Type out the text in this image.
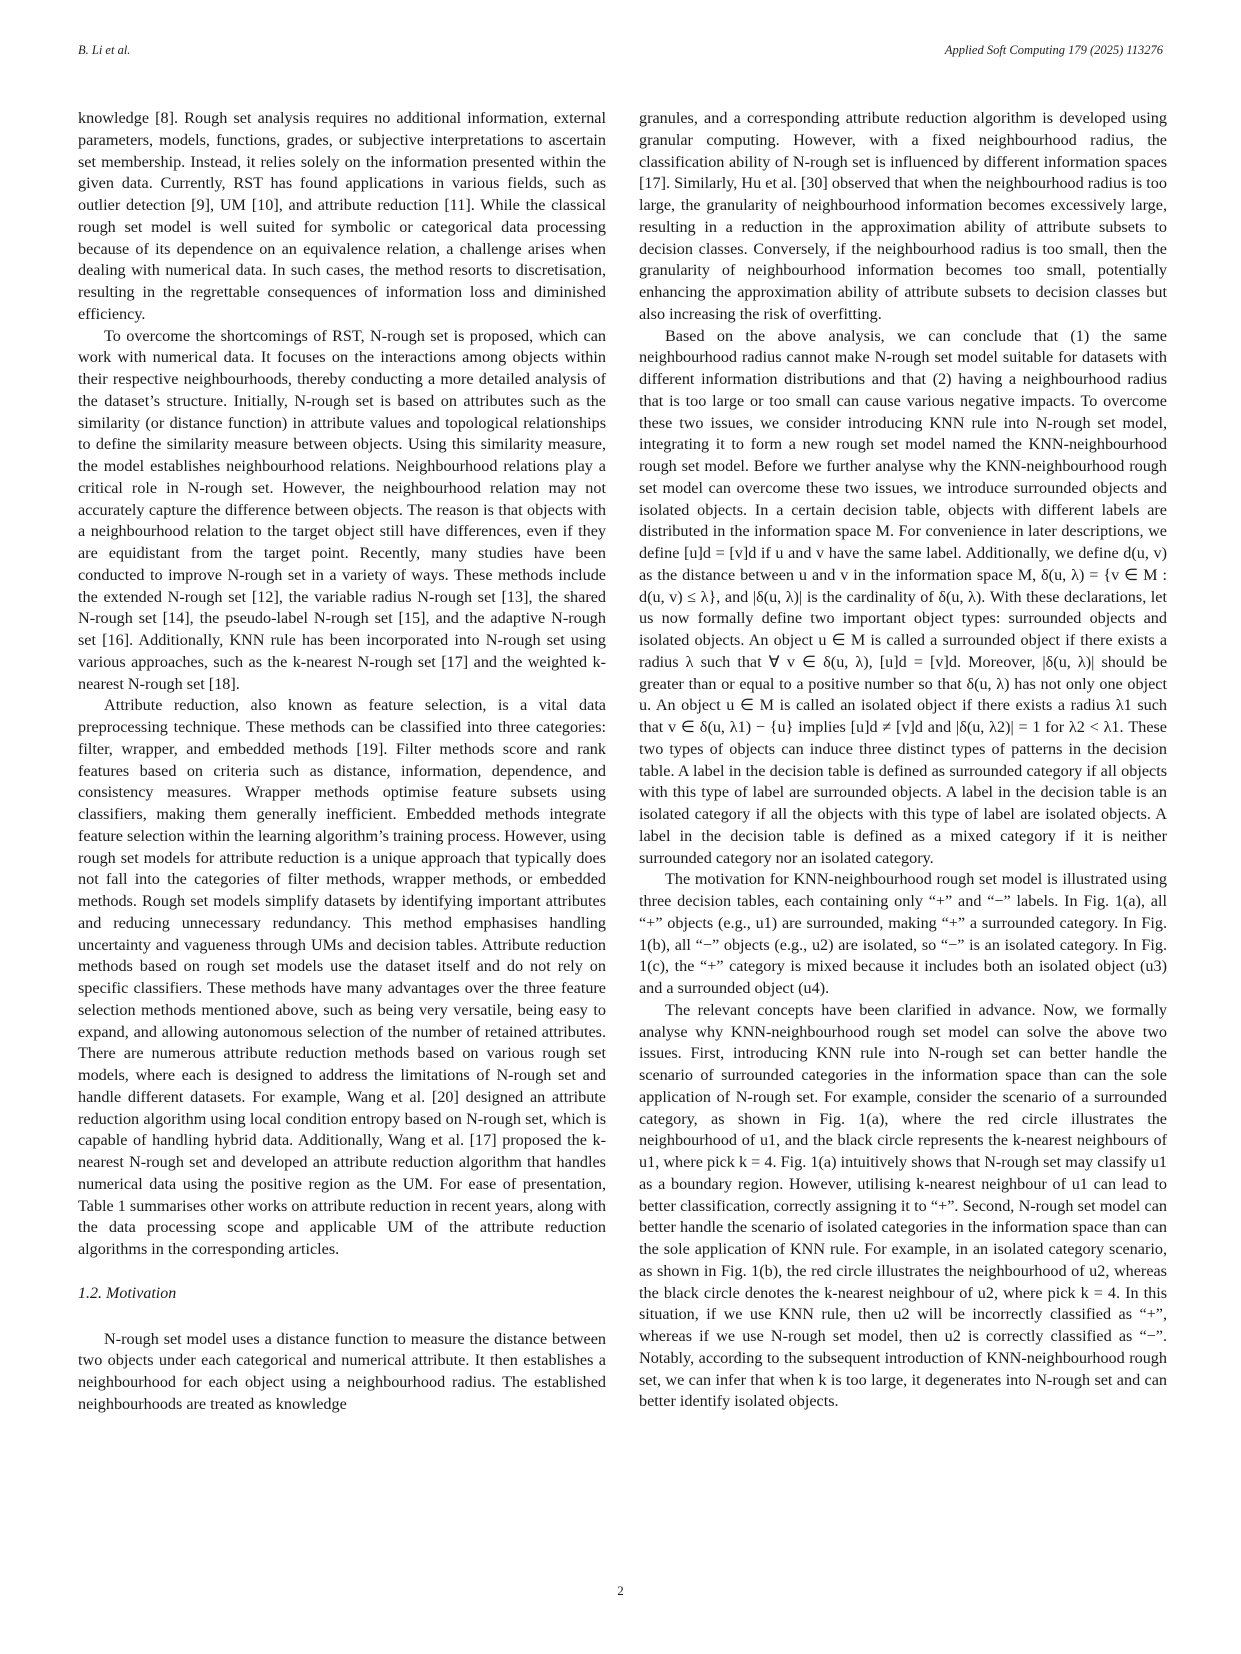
B. Li et al.	Applied Soft Computing 179 (2025) 113276

knowledge [8]. Rough set analysis requires no additional information, external parameters, models, functions, grades, or subjective interpretations to ascertain set membership. Instead, it relies solely on the information presented within the given data. Currently, RST has found applications in various fields, such as outlier detection [9], UM [10], and attribute reduction [11]. While the classical rough set model is well suited for symbolic or categorical data processing because of its dependence on an equivalence relation, a challenge arises when dealing with numerical data. In such cases, the method resorts to discretisation, resulting in the regrettable consequences of information loss and diminished efficiency.

To overcome the shortcomings of RST, N-rough set is proposed, which can work with numerical data. It focuses on the interactions among objects within their respective neighbourhoods, thereby conducting a more detailed analysis of the dataset’s structure. Initially, N-rough set is based on attributes such as the similarity (or distance function) in attribute values and topological relationships to define the similarity measure between objects. Using this similarity measure, the model establishes neighbourhood relations. Neighbourhood relations play a critical role in N-rough set. However, the neighbourhood relation may not accurately capture the difference between objects. The reason is that objects with a neighbourhood relation to the target object still have differences, even if they are equidistant from the target point. Recently, many studies have been conducted to improve N-rough set in a variety of ways. These methods include the extended N-rough set [12], the variable radius N-rough set [13], the shared N-rough set [14], the pseudo-label N-rough set [15], and the adaptive N-rough set [16]. Additionally, KNN rule has been incorporated into N-rough set using various approaches, such as the k-nearest N-rough set [17] and the weighted k-nearest N-rough set [18].

Attribute reduction, also known as feature selection, is a vital data preprocessing technique. These methods can be classified into three categories: filter, wrapper, and embedded methods [19]. Filter methods score and rank features based on criteria such as distance, information, dependence, and consistency measures. Wrapper methods optimise feature subsets using classifiers, making them generally inefficient. Embedded methods integrate feature selection within the learning algorithm’s training process. However, using rough set models for attribute reduction is a unique approach that typically does not fall into the categories of filter methods, wrapper methods, or embedded methods. Rough set models simplify datasets by identifying important attributes and reducing unnecessary redundancy. This method emphasises handling uncertainty and vagueness through UMs and decision tables. Attribute reduction methods based on rough set models use the dataset itself and do not rely on specific classifiers. These methods have many advantages over the three feature selection methods mentioned above, such as being very versatile, being easy to expand, and allowing autonomous selection of the number of retained attributes. There are numerous attribute reduction methods based on various rough set models, where each is designed to address the limitations of N-rough set and handle different datasets. For example, Wang et al. [20] designed an attribute reduction algorithm using local condition entropy based on N-rough set, which is capable of handling hybrid data. Additionally, Wang et al. [17] proposed the k-nearest N-rough set and developed an attribute reduction algorithm that handles numerical data using the positive region as the UM. For ease of presentation, Table 1 summarises other works on attribute reduction in recent years, along with the data processing scope and applicable UM of the attribute reduction algorithms in the corresponding articles.

1.2. Motivation

N-rough set model uses a distance function to measure the distance between two objects under each categorical and numerical attribute. It then establishes a neighbourhood for each object using a neighbourhood radius. The established neighbourhoods are treated as knowledge

granules, and a corresponding attribute reduction algorithm is developed using granular computing. However, with a fixed neighbourhood radius, the classification ability of N-rough set is influenced by different information spaces [17]. Similarly, Hu et al. [30] observed that when the neighbourhood radius is too large, the granularity of neighbourhood information becomes excessively large, resulting in a reduction in the approximation ability of attribute subsets to decision classes. Conversely, if the neighbourhood radius is too small, then the granularity of neighbourhood information becomes too small, potentially enhancing the approximation ability of attribute subsets to decision classes but also increasing the risk of overfitting.

Based on the above analysis, we can conclude that (1) the same neighbourhood radius cannot make N-rough set model suitable for datasets with different information distributions and that (2) having a neighbourhood radius that is too large or too small can cause various negative impacts. To overcome these two issues, we consider introducing KNN rule into N-rough set model, integrating it to form a new rough set model named the KNN-neighbourhood rough set model. Before we further analyse why the KNN-neighbourhood rough set model can overcome these two issues, we introduce surrounded objects and isolated objects. In a certain decision table, objects with different labels are distributed in the information space M. For convenience in later descriptions, we define [u]d = [v]d if u and v have the same label. Additionally, we define d(u, v) as the distance between u and v in the information space M, δ(u, λ) = {v ∈ M : d(u, v) ≤ λ}, and |δ(u, λ)| is the cardinality of δ(u, λ). With these declarations, let us now formally define two important object types: surrounded objects and isolated objects. An object u ∈ M is called a surrounded object if there exists a radius λ such that ∀ v ∈ δ(u, λ), [u]d = [v]d. Moreover, |δ(u, λ)| should be greater than or equal to a positive number so that δ(u, λ) has not only one object u. An object u ∈ M is called an isolated object if there exists a radius λ1 such that v ∈ δ(u, λ1) − {u} implies [u]d ≠ [v]d and |δ(u, λ2)| = 1 for λ2 < λ1. These two types of objects can induce three distinct types of patterns in the decision table. A label in the decision table is defined as surrounded category if all objects with this type of label are surrounded objects. A label in the decision table is an isolated category if all the objects with this type of label are isolated objects. A label in the decision table is defined as a mixed category if it is neither surrounded category nor an isolated category.

The motivation for KNN-neighbourhood rough set model is illustrated using three decision tables, each containing only “+” and “−” labels. In Fig. 1(a), all “+” objects (e.g., u1) are surrounded, making “+” a surrounded category. In Fig. 1(b), all “−” objects (e.g., u2) are isolated, so “−” is an isolated category. In Fig. 1(c), the “+” category is mixed because it includes both an isolated object (u3) and a surrounded object (u4).

The relevant concepts have been clarified in advance. Now, we formally analyse why KNN-neighbourhood rough set model can solve the above two issues. First, introducing KNN rule into N-rough set can better handle the scenario of surrounded categories in the information space than can the sole application of N-rough set. For example, consider the scenario of a surrounded category, as shown in Fig. 1(a), where the red circle illustrates the neighbourhood of u1, and the black circle represents the k-nearest neighbours of u1, where pick k = 4. Fig. 1(a) intuitively shows that N-rough set may classify u1 as a boundary region. However, utilising k-nearest neighbour of u1 can lead to better classification, correctly assigning it to “+”. Second, N-rough set model can better handle the scenario of isolated categories in the information space than can the sole application of KNN rule. For example, in an isolated category scenario, as shown in Fig. 1(b), the red circle illustrates the neighbourhood of u2, whereas the black circle denotes the k-nearest neighbour of u2, where pick k = 4. In this situation, if we use KNN rule, then u2 will be incorrectly classified as “+”, whereas if we use N-rough set model, then u2 is correctly classified as “−”. Notably, according to the subsequent introduction of KNN-neighbourhood rough set, we can infer that when k is too large, it degenerates into N-rough set and can better identify isolated objects.

2
